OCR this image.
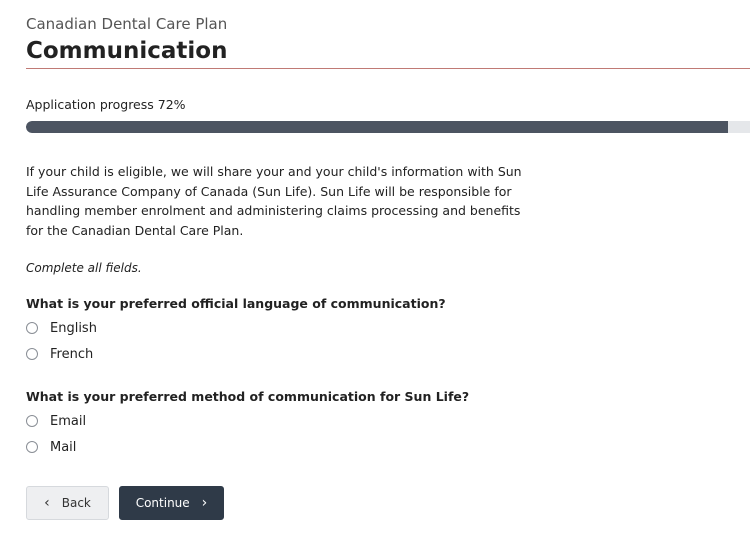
Canadian Dental Care Plan
Communication
Application progress 72%

If your child is eligible, we will share your and your child's information with Sun Life Assurance Company of Canada (Sun Life). Sun Life will be responsible for handling member enrolment and administering claims processing and benefits for the Canadian Dental Care Plan.

Complete all fields.

What is your preferred official language of communication?
English
French
What is your preferred method of communication for Sun Life?
Email
Mail
‹ Back	Continue ›
